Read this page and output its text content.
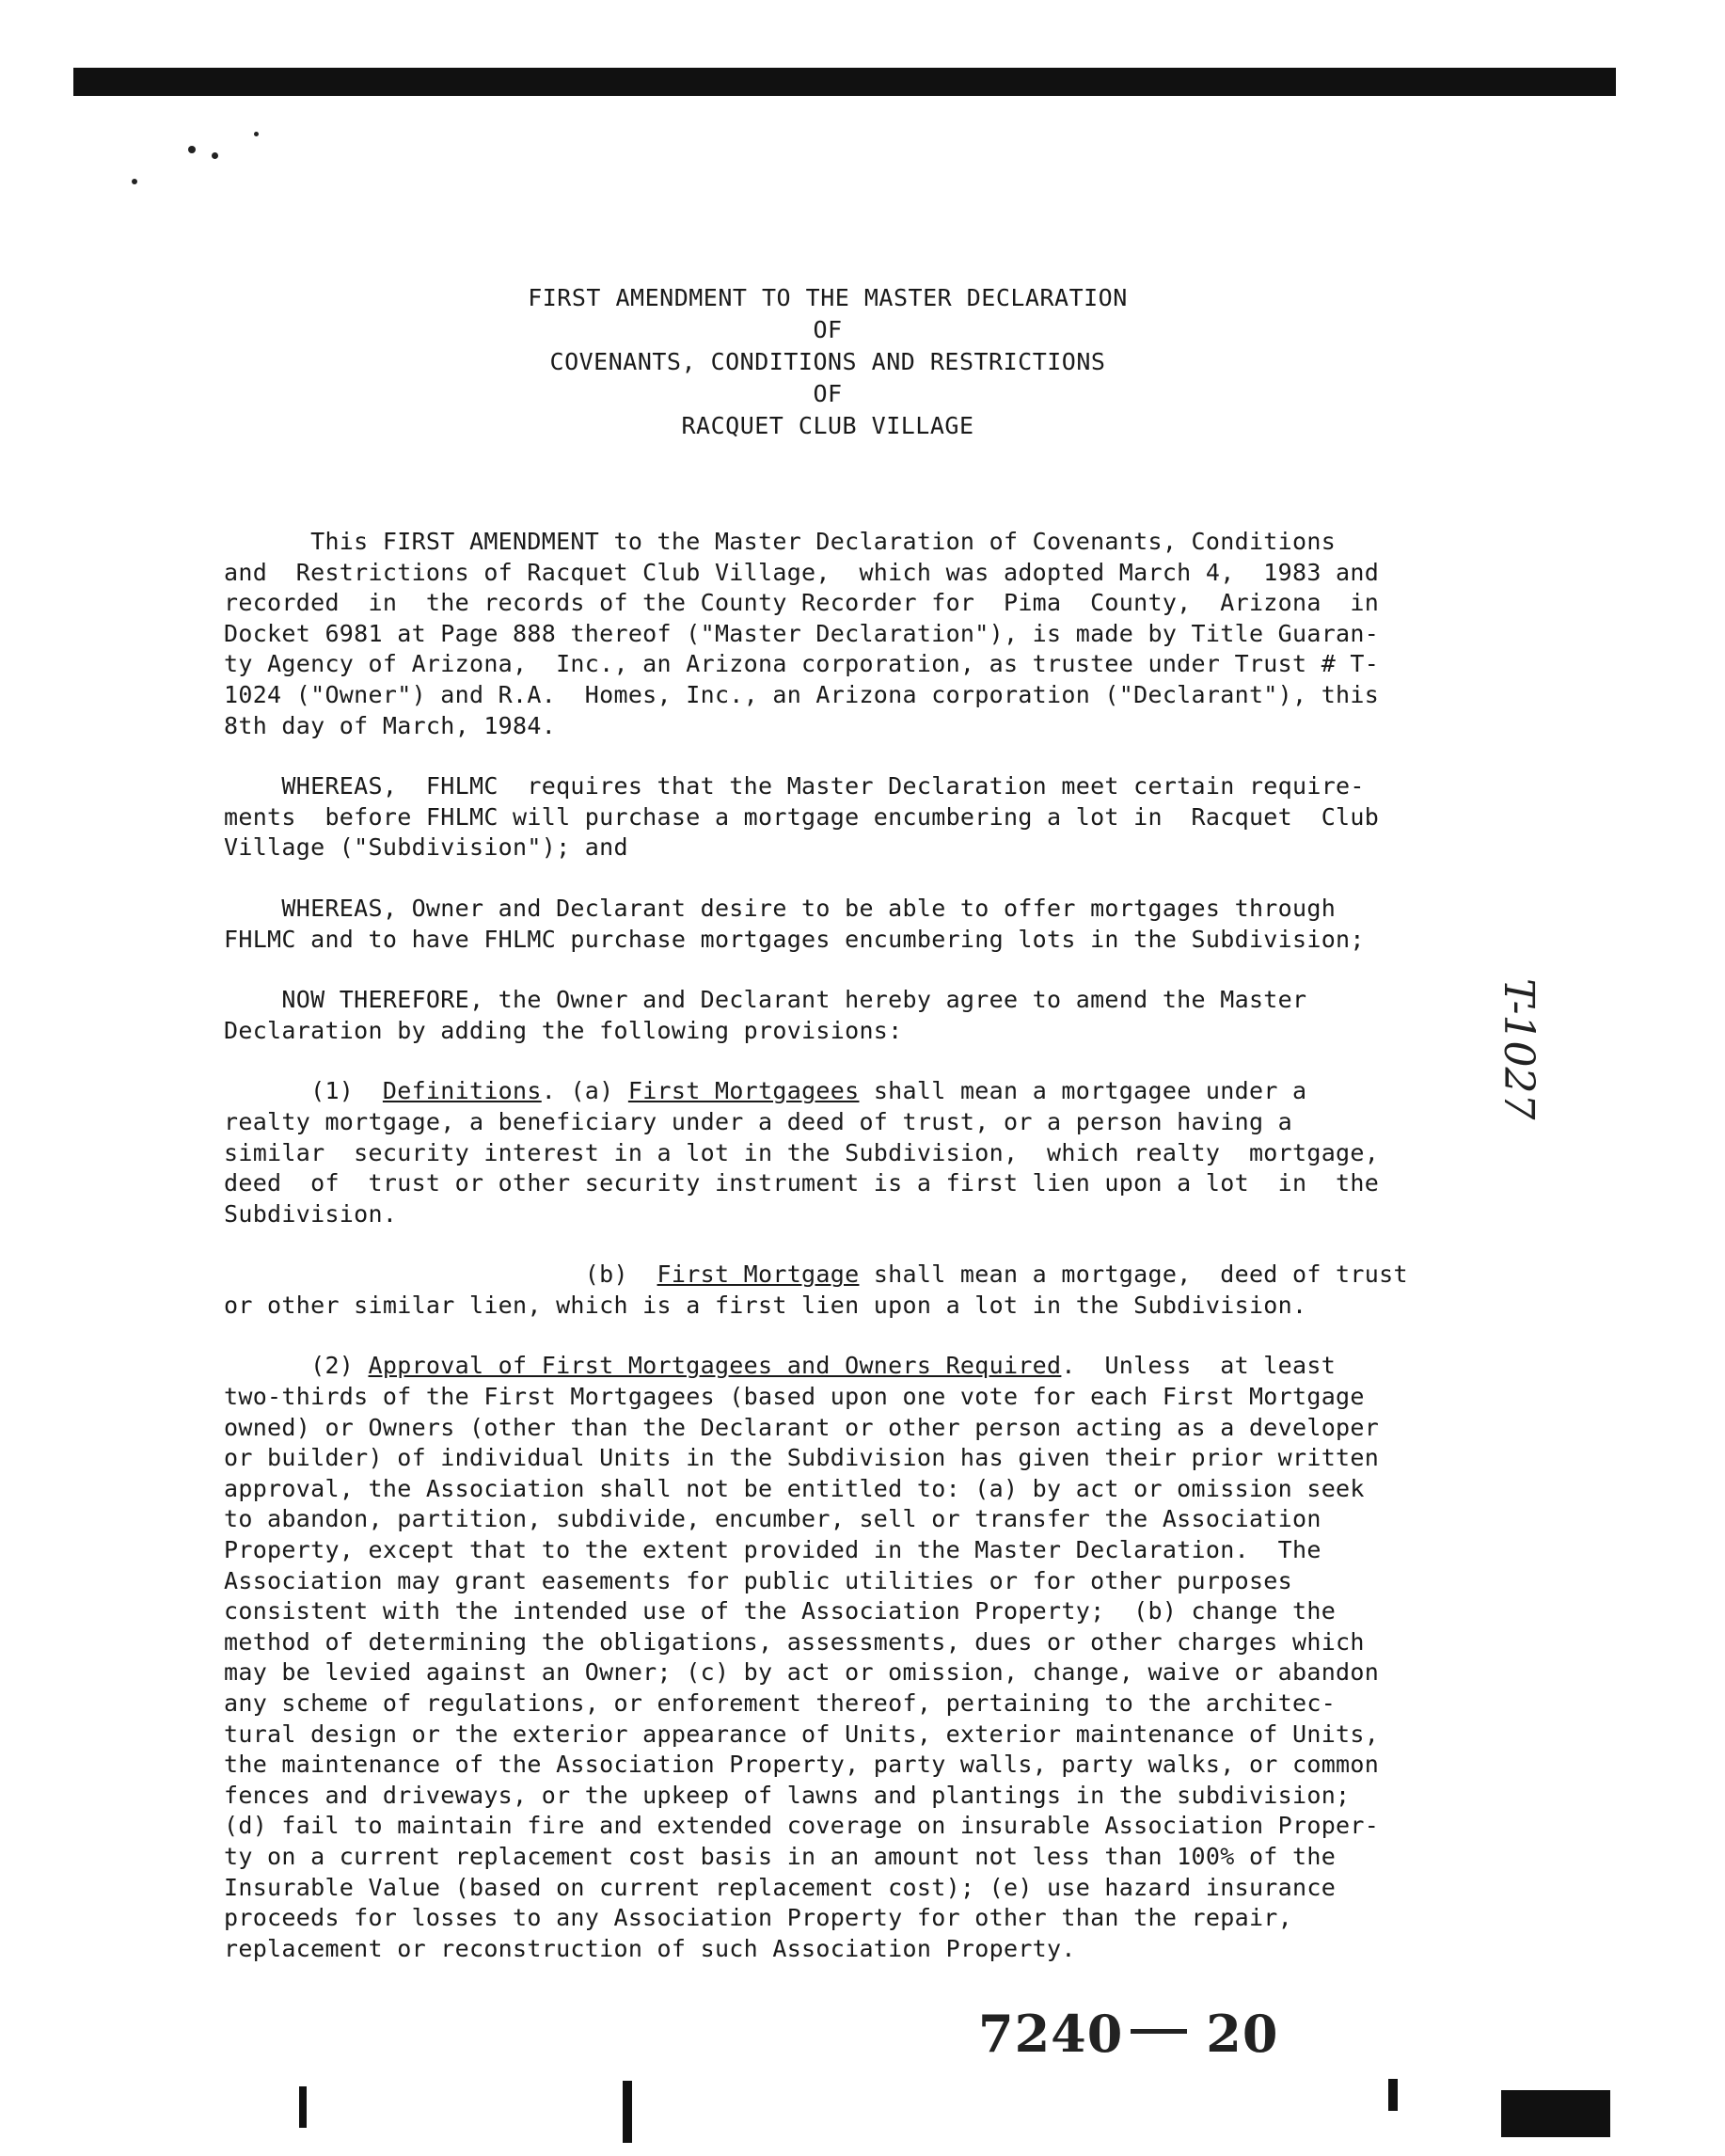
FIRST AMENDMENT TO THE MASTER DECLARATION
OF
COVENANTS, CONDITIONS AND RESTRICTIONS
OF
RACQUET CLUB VILLAGE
This FIRST AMENDMENT to the Master Declaration of Covenants, Conditions
and  Restrictions of Racquet Club Village,  which was adopted March 4,  1983 and
recorded  in  the records of the County Recorder for  Pima  County,  Arizona  in
Docket 6981 at Page 888 thereof ("Master Declaration"), is made by Title Guaran-
ty Agency of Arizona,  Inc., an Arizona corporation, as trustee under Trust # T-
1024 ("Owner") and R.A.  Homes, Inc., an Arizona corporation ("Declarant"), this
8th day of March, 1984.
WHEREAS,  FHLMC  requires that the Master Declaration meet certain require-
ments  before FHLMC will purchase a mortgage encumbering a lot in  Racquet  Club
Village ("Subdivision"); and
WHEREAS, Owner and Declarant desire to be able to offer mortgages through
FHLMC and to have FHLMC purchase mortgages encumbering lots in the Subdivision;
NOW THEREFORE, the Owner and Declarant hereby agree to amend the Master
Declaration by adding the following provisions:
(1)  Definitions. (a) First Mortgagees shall mean a mortgagee under a
realty mortgage, a beneficiary under a deed of trust, or a person having a
similar  security interest in a lot in the Subdivision,  which realty  mortgage,
deed  of  trust or other security instrument is a first lien upon a lot  in  the
Subdivision.
(b)  First Mortgage shall mean a mortgage,  deed of trust
or other similar lien, which is a first lien upon a lot in the Subdivision.
(2) Approval of First Mortgagees and Owners Required.  Unless  at least
two-thirds of the First Mortgagees (based upon one vote for each First Mortgage
owned) or Owners (other than the Declarant or other person acting as a developer
or builder) of individual Units in the Subdivision has given their prior written
approval, the Association shall not be entitled to: (a) by act or omission seek
to abandon, partition, subdivide, encumber, sell or transfer the Association
Property, except that to the extent provided in the Master Declaration.  The
Association may grant easements for public utilities or for other purposes
consistent with the intended use of the Association Property;  (b) change the
method of determining the obligations, assessments, dues or other charges which
may be levied against an Owner; (c) by act or omission, change, waive or abandon
any scheme of regulations, or enforement thereof, pertaining to the architec-
tural design or the exterior appearance of Units, exterior maintenance of Units,
the maintenance of the Association Property, party walls, party walks, or common
fences and driveways, or the upkeep of lawns and plantings in the subdivision;
(d) fail to maintain fire and extended coverage on insurable Association Proper-
ty on a current replacement cost basis in an amount not less than 100% of the
Insurable Value (based on current replacement cost); (e) use hazard insurance
proceeds for losses to any Association Property for other than the repair,
replacement or reconstruction of such Association Property.
T-1027
7240 20
